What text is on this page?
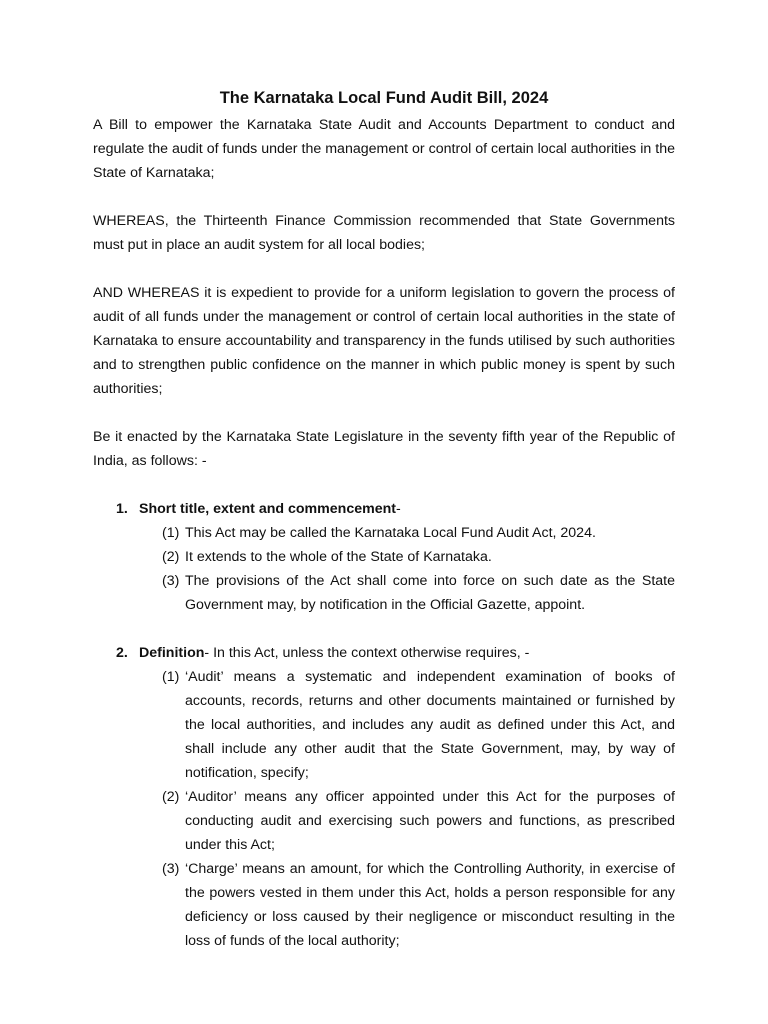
The Karnataka Local Fund Audit Bill, 2024

A Bill to empower the Karnataka State Audit and Accounts Department to conduct and regulate the audit of funds under the management or control of certain local authorities in the State of Karnataka;

WHEREAS, the Thirteenth Finance Commission recommended that State Governments must put in place an audit system for all local bodies;

AND WHEREAS it is expedient to provide for a uniform legislation to govern the process of audit of all funds under the management or control of certain local authorities in the state of Karnataka to ensure accountability and transparency in the funds utilised by such authorities and to strengthen public confidence on the manner in which public money is spent by such authorities;

Be it enacted by the Karnataka State Legislature in the seventy fifth year of the Republic of India, as follows: -

1. Short title, extent and commencement-
(1) This Act may be called the Karnataka Local Fund Audit Act, 2024.
(2) It extends to the whole of the State of Karnataka.
(3) The provisions of the Act shall come into force on such date as the State Government may, by notification in the Official Gazette, appoint.
2. Definition- In this Act, unless the context otherwise requires, -
(1) ‘Audit’ means a systematic and independent examination of books of accounts, records, returns and other documents maintained or furnished by the local authorities, and includes any audit as defined under this Act, and shall include any other audit that the State Government, may, by way of notification, specify;
(2) ‘Auditor’ means any officer appointed under this Act for the purposes of conducting audit and exercising such powers and functions, as prescribed under this Act;
(3) ‘Charge’ means an amount, for which the Controlling Authority, in exercise of the powers vested in them under this Act, holds a person responsible for any deficiency or loss caused by their negligence or misconduct resulting in the loss of funds of the local authority;
